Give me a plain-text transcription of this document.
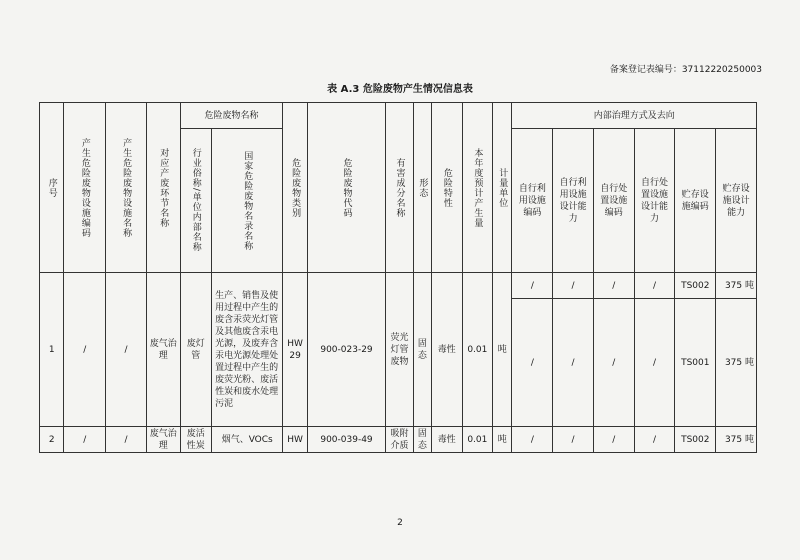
备案登记表编号：37112220250003
表 A.3 危险废物产生情况信息表
序号	产生危险废物设施编码	产生危险废物设施名称	对应产废环节名称	危险废物名称		危险废物类别	危险废物代码	有害成分名称	形态	危险特性	本年度预计产生量	计量单位	内部治理方式及去向					
				行业俗称/单位内部名称	国家危险废物名录名称								自行利用设施编码	自行利用设施设计能力	自行处置设施编码	自行处置设施设计能力	贮存设施编码	贮存设施设计能力
1	/	/	废气治理	废灯管	生产、销售及使用过程中产生的废含汞荧光灯管及其他废含汞电光源，及废弃含汞电光源处理处置过程中产生的废荧光粉、废活性炭和废水处理污泥	HW 29	900-023-29	荧光灯管废物	固态	毒性	0.01	吨	/	/	/	/	TS002	375 吨
													/	/	/	/	TS001	375 吨
2	/	/	废气治理	废活性炭	烟气、VOCs	HW	900-039-49	吸附介质	固态	毒性	0.01	吨	/	/	/	/	TS002	375 吨
2
